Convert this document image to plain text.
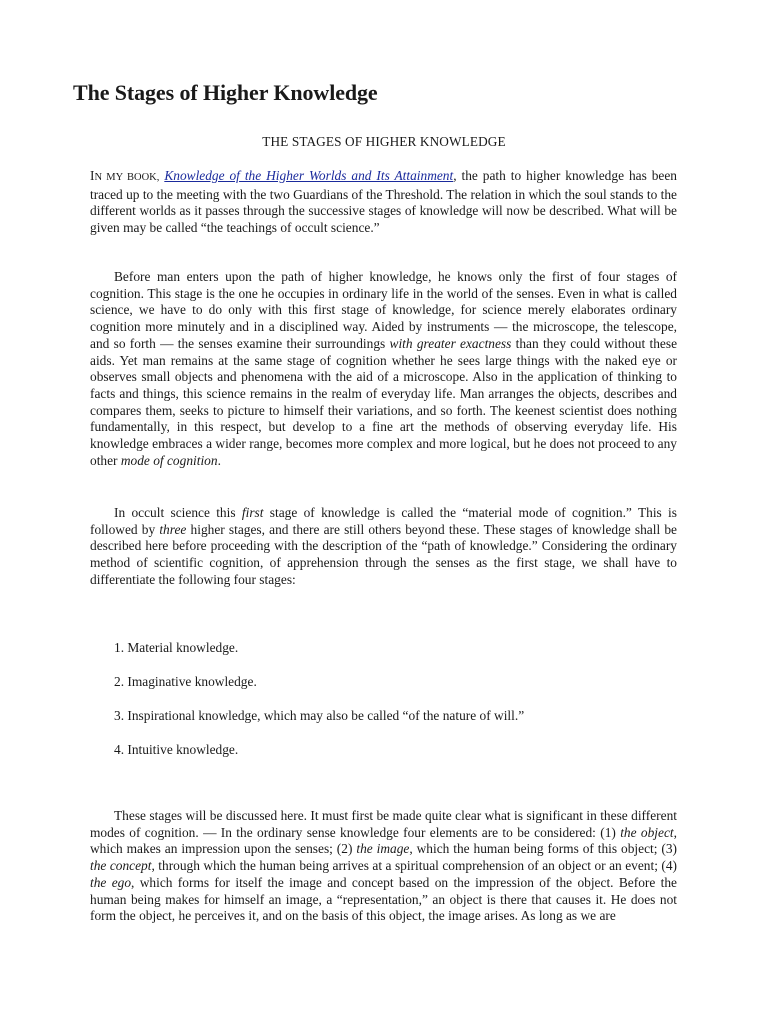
The Stages of Higher Knowledge
THE STAGES OF HIGHER KNOWLEDGE

IN MY BOOK, Knowledge of the Higher Worlds and Its Attainment, the path to higher knowledge has been traced up to the meeting with the two Guardians of the Threshold. The relation in which the soul stands to the different worlds as it passes through the successive stages of knowledge will now be described. What will be given may be called “the teachings of occult science.”

Before man enters upon the path of higher knowledge, he knows only the first of four stages of cognition. This stage is the one he occupies in ordinary life in the world of the senses. Even in what is called science, we have to do only with this first stage of knowledge, for science merely elaborates ordinary cognition more minutely and in a disciplined way. Aided by instruments — the microscope, the telescope, and so forth — the senses examine their surroundings with greater exactness than they could without these aids. Yet man remains at the same stage of cognition whether he sees large things with the naked eye or observes small objects and phenomena with the aid of a microscope. Also in the application of thinking to facts and things, this science remains in the realm of everyday life. Man arranges the objects, describes and compares them, seeks to picture to himself their variations, and so forth. The keenest scientist does nothing fundamentally, in this respect, but develop to a fine art the methods of observing everyday life. His knowledge embraces a wider range, becomes more complex and more logical, but he does not proceed to any other mode of cognition.

In occult science this first stage of knowledge is called the “material mode of cognition.” This is followed by three higher stages, and there are still others beyond these. These stages of knowledge shall be described here before proceeding with the description of the “path of knowledge.” Considering the ordinary method of scientific cognition, of apprehension through the senses as the first stage, we shall have to differentiate the following four stages:

1. Material knowledge.

2. Imaginative knowledge.

3. Inspirational knowledge, which may also be called “of the nature of will.”

4. Intuitive knowledge.

These stages will be discussed here. It must first be made quite clear what is significant in these different modes of cognition. — In the ordinary sense knowledge four elements are to be considered: (1) the object, which makes an impression upon the senses; (2) the image, which the human being forms of this object; (3) the concept, through which the human being arrives at a spiritual comprehension of an object or an event; (4) the ego, which forms for itself the image and concept based on the impression of the object. Before the human being makes for himself an image, a “representation,” an object is there that causes it. He does not form the object, he perceives it, and on the basis of this object, the image arises. As long as we are
